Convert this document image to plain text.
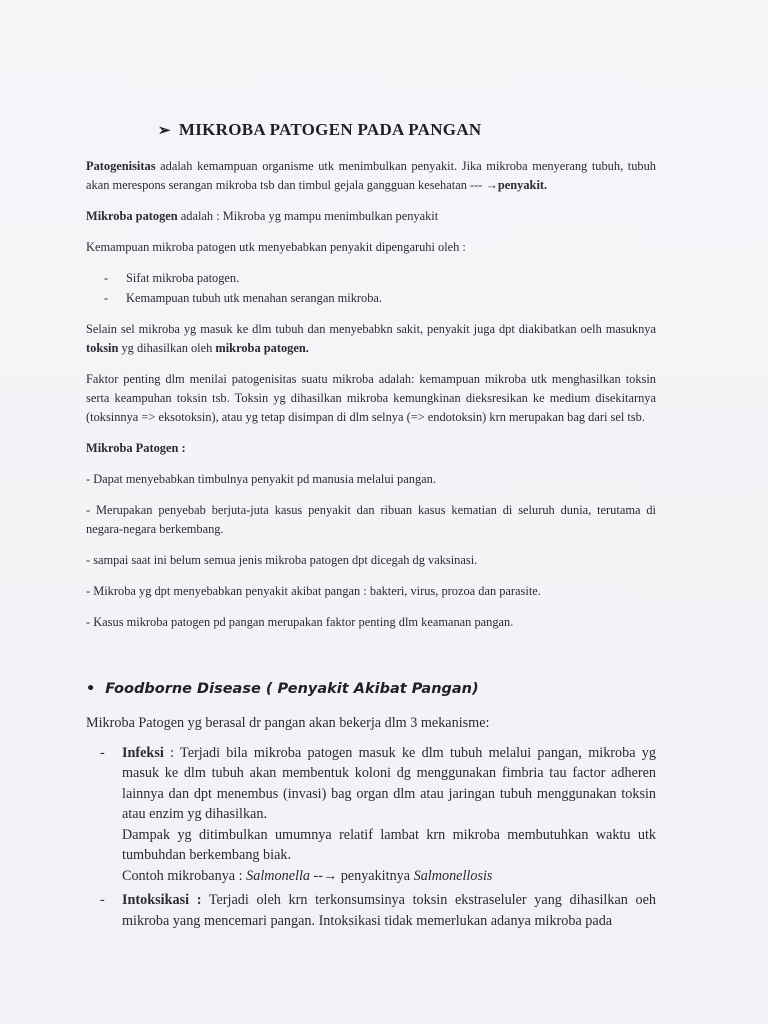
➢ MIKROBA PATOGEN PADA PANGAN

Patogenisitas adalah kemampuan organisme utk menimbulkan penyakit. Jika mikroba menyerang tubuh, tubuh akan merespons serangan mikroba tsb dan timbul gejala gangguan kesehatan --- →penyakit.

Mikroba patogen adalah : Mikroba yg mampu menimbulkan penyakit

Kemampuan mikroba patogen utk menyebabkan penyakit dipengaruhi oleh :

- Sifat mikroba patogen.
- Kemampuan tubuh utk menahan serangan mikroba.

Selain sel mikroba yg masuk ke dlm tubuh dan menyebabkn sakit, penyakit juga dpt diakibatkan oelh masuknya toksin yg dihasilkan oleh mikroba patogen.

Faktor penting dlm menilai patogenisitas suatu mikroba adalah: kemampuan mikroba utk menghasilkan toksin serta keampuhan toksin tsb. Toksin yg dihasilkan mikroba kemungkinan dieksresikan ke medium disekitarnya (toksinnya => eksotoksin), atau yg tetap disimpan di dlm selnya (=> endotoksin) krn merupakan bag dari sel tsb.

Mikroba Patogen :

- Dapat menyebabkan timbulnya penyakit pd manusia melalui pangan.

- Merupakan penyebab berjuta-juta kasus penyakit dan ribuan kasus kematian di seluruh dunia, terutama di negara-negara berkembang.

- sampai saat ini belum semua jenis mikroba patogen dpt dicegah dg vaksinasi.

- Mikroba yg dpt menyebabkan penyakit akibat pangan : bakteri, virus, prozoa dan parasite.

- Kasus mikroba patogen pd pangan merupakan faktor penting dlm keamanan pangan.

• Foodborne Disease ( Penyakit Akibat Pangan)

Mikroba Patogen yg berasal dr pangan akan bekerja dlm 3 mekanisme:

- Infeksi : Terjadi bila mikroba patogen masuk ke dlm tubuh melalui pangan, mikroba yg masuk ke dlm tubuh akan membentuk koloni dg menggunakan fimbria tau factor adheren lainnya dan dpt menembus (invasi) bag organ dlm atau jaringan tubuh menggunakan toksin atau enzim yg dihasilkan.
Dampak yg ditimbulkan umumnya relatif lambat krn mikroba membutuhkan waktu utk tumbuhdan berkembang biak.
Contoh mikrobanya : Salmonella --→ penyakitnya Salmonellosis
- Intoksikasi : Terjadi oleh krn terkonsumsinya toksin ekstraseluler yang dihasilkan oeh mikroba yang mencemari pangan. Intoksikasi tidak memerlukan adanya mikroba pada
